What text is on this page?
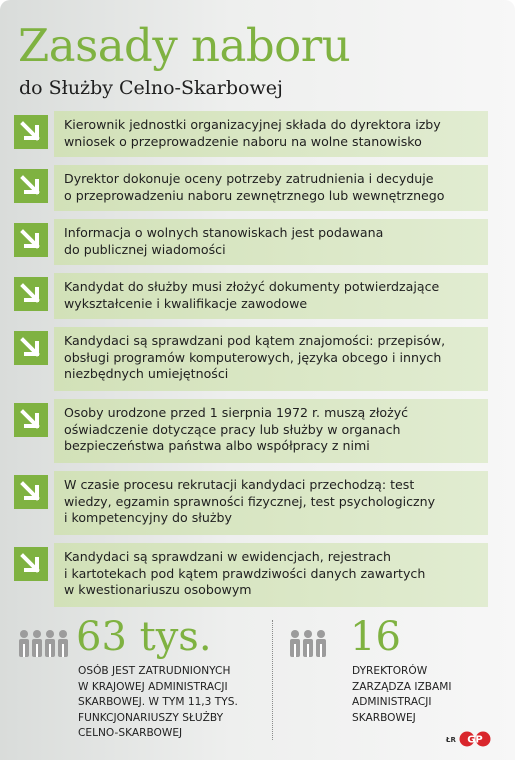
Zasady naboru
do Służby Celno-Skarbowej
Kierownik jednostki organizacyjnej składa do dyrektora izby
wniosek o przeprowadzenie naboru na wolne stanowisko
Dyrektor dokonuje oceny potrzeby zatrudnienia i decyduje
o przeprowadzeniu naboru zewnętrznego lub wewnętrznego
Informacja o wolnych stanowiskach jest podawana
do publicznej wiadomości
Kandydat do służby musi złożyć dokumenty potwierdzające
wykształcenie i kwalifikacje zawodowe
Kandydaci są sprawdzani pod kątem znajomości: przepisów,
obsługi programów komputerowych, języka obcego i innych
niezbędnych umiejętności
Osoby urodzone przed 1 sierpnia 1972 r. muszą złożyć
oświadczenie dotyczące pracy lub służby w organach
bezpieczeństwa państwa albo współpracy z nimi
W czasie procesu rekrutacji kandydaci przechodzą: test
wiedzy, egzamin sprawności fizycznej, test psychologiczny
i kompetencyjny do służby
Kandydaci są sprawdzani w ewidencjach, rejestrach
i kartotekach pod kątem prawdziwości danych zawartych
w kwestionariuszu osobowym
63 tys.
OSÓB JEST ZATRUDNIONYCH
W KRAJOWEJ ADMINISTRACJI
SKARBOWEJ. W TYM 11,3 TYS.
FUNKCJONARIUSZY SŁUŻBY
CELNO-SKARBOWEJ
16
DYREKTORÓW
ZARZĄDZA IZBAMI
ADMINISTRACJI
SKARBOWEJ
ŁR GP
